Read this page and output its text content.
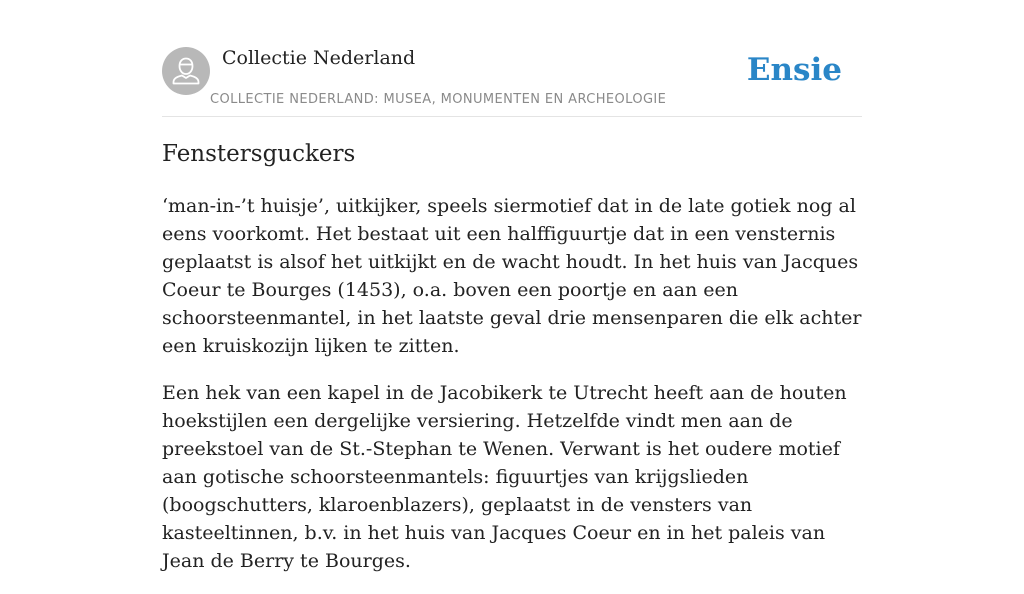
Collectie Nederland
COLLECTIE NEDERLAND: MUSEA, MONUMENTEN EN ARCHEOLOGIE
Ensie
Fenstersguckers

‘man-in-’t huisje’, uitkijker, speels siermotief dat in de late gotiek nog al eens voorkomt. Het bestaat uit een halffiguurtje dat in een vensternis geplaatst is alsof het uitkijkt en de wacht houdt. In het huis van Jacques Coeur te Bourges (1453), o.a. boven een poortje en aan een schoorsteenmantel, in het laatste geval drie mensenparen die elk achter een kruiskozijn lijken te zitten.

Een hek van een kapel in de Jacobikerk te Utrecht heeft aan de houten hoekstijlen een dergelijke versiering. Hetzelfde vindt men aan de preekstoel van de St.-Stephan te Wenen. Verwant is het oudere motief aan gotische schoorsteenmantels: figuurtjes van krijgslieden (boogschutters, klaroenblazers), geplaatst in de vensters van kasteeltinnen, b.v. in het huis van Jacques Coeur en in het paleis van Jean de Berry te Bourges.
